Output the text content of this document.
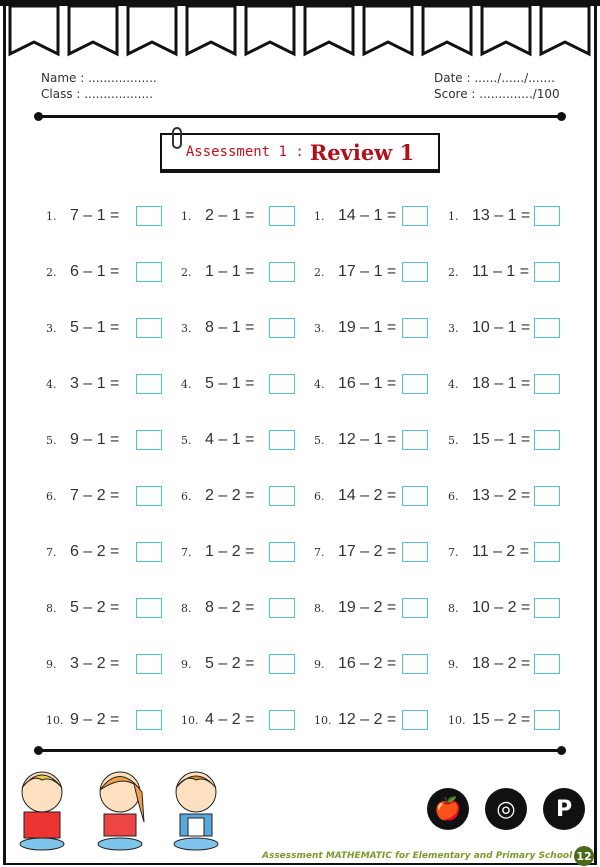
Name : ..................
Class : ..................
Date : ....../....../.......
Score : ............../100
Assessment 1 : Review 1
1. 7 – 1 =
2. 6 – 1 =
3. 5 – 1 =
4. 3 – 1 =
5. 9 – 1 =
6. 7 – 2 =
7. 6 – 2 =
8. 5 – 2 =
9. 3 – 2 =
10. 9 – 2 =
1. 2 – 1 =
2. 1 – 1 =
3. 8 – 1 =
4. 5 – 1 =
5. 4 – 1 =
6. 2 – 2 =
7. 1 – 2 =
8. 8 – 2 =
9. 5 – 2 =
10. 4 – 2 =
1. 14 – 1 =
2. 17 – 1 =
3. 19 – 1 =
4. 16 – 1 =
5. 12 – 1 =
6. 14 – 2 =
7. 17 – 2 =
8. 19 – 2 =
9. 16 – 2 =
10. 12 – 2 =
1. 13 – 1 =
2. 11 – 1 =
3. 10 – 1 =
4. 18 – 1 =
5. 15 – 1 =
6. 13 – 2 =
7. 11 – 2 =
8. 10 – 2 =
9. 18 – 2 =
10. 15 – 2 =
🍎	◎	P
Assessment MATHEMATIC for Elementary and Primary School 12
